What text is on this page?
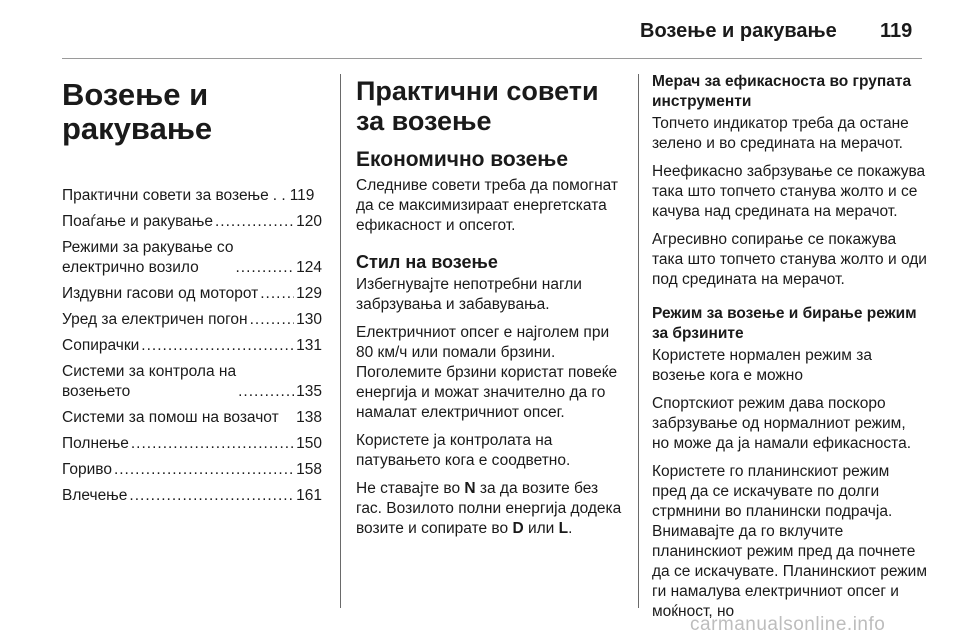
Возење и ракување 119
Возење и ракување
Практични совети за возење . . 119
Поаѓање и ракување .....	120
Режими за ракување со
електрично возило .....	124
Издувни гасови од моторот ..... 129
Уред за електричен погон .....	130
Сопирачки .....	131
Системи за контрола на
возењето .....	135
Системи за помош на возачот 138
Полнење .....	150
Гориво .....	158
Влечење .....	161
Практични совети за возење
Економично возење

Следниве совети треба да помогнат да се максимизираат енергетската ефикасност и опсегот.

Стил на возење

Избегнувајте непотребни нагли забрзувања и забавувања.

Електричниот опсег е најголем при 80 км/ч или помали брзини. Поголемите брзини користат повеќе енергија и можат значително да го намалат електричниот опсег.

Користете ја контролата на патувањето кога е соодветно.

Не ставајте во N за да возите без гас. Возилото полни енергија додека возите и сопирате во D или L.

Мерач за ефикасноста во групата инструменти

Топчето индикатор треба да остане зелено и во средината на мерачот.

Неефикасно забрзување се покажува така што топчето станува жолто и се качува над средината на мерачот.

Агресивно сопирање се покажува така што топчето станува жолто и оди под средината на мерачот.

Режим за возење и бирање режим за брзините

Користете нормален режим за возење кога е можно

Спортскиот режим дава поскоро забрзување од нормалниот режим, но може да ја намали ефикасноста.

Користете го планинскиот режим пред да се искачувате по долги стрмнини во планински подрачја. Внимавајте да го вклучите планинскиот режим пред да почнете да се искачувате. Планинскиот режим ги намалува електричниот опсег и моќност, но

carmanualsonline.info
